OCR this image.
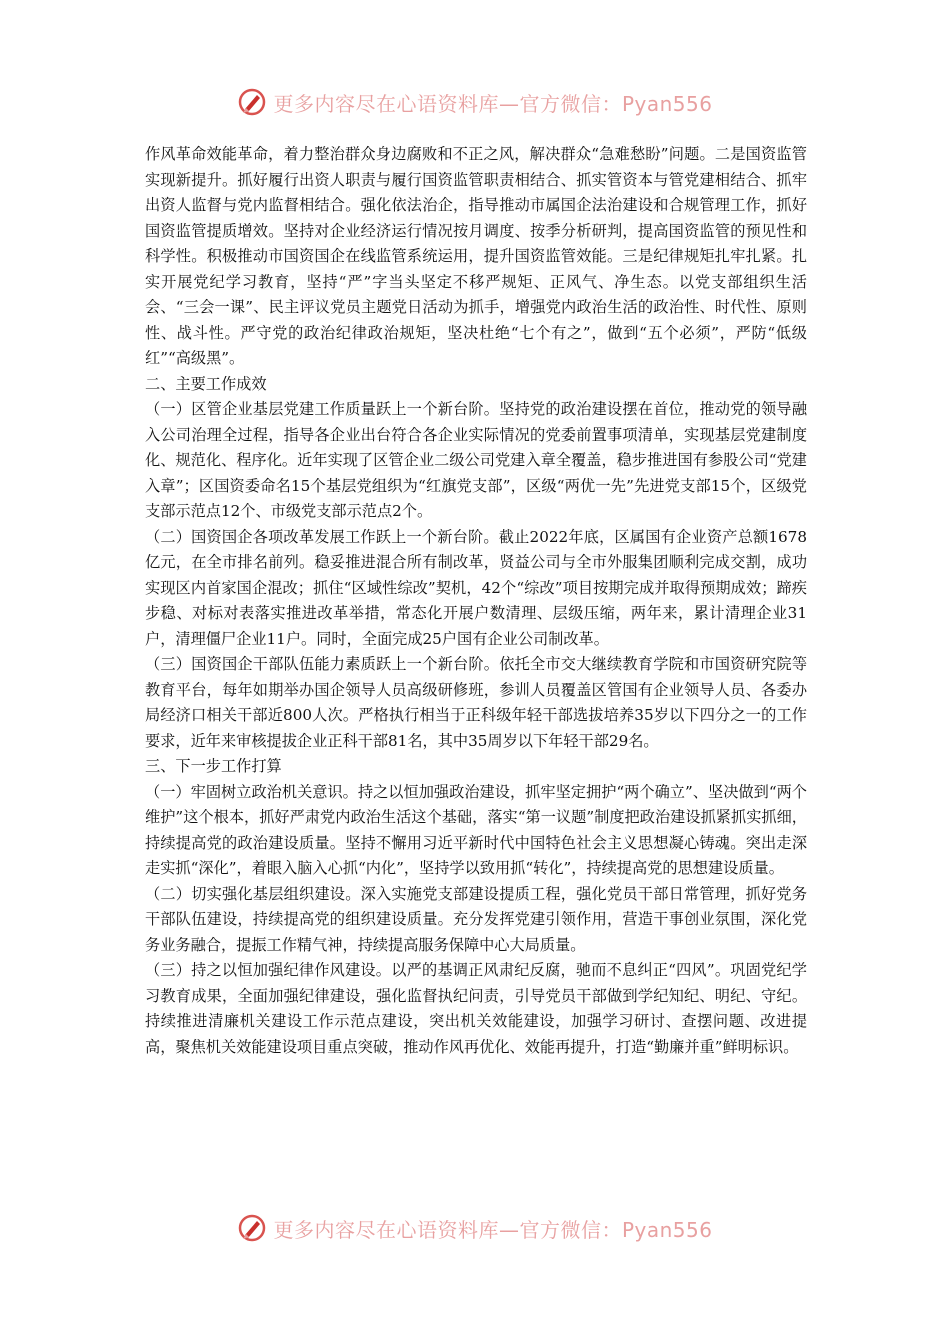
更多内容尽在心语资料库—官方微信：Pyan556

作风革命效能革命，着力整治群众身边腐败和不正之风，解决群众“急难愁盼”问题。二是国资监管实现新提升。抓好履行出资人职责与履行国资监管职责相结合、抓实管资本与管党建相结合、抓牢出资人监督与党内监督相结合。强化依法治企，指导推动市属国企法治建设和合规管理工作，抓好国资监管提质增效。坚持对企业经济运行情况按月调度、按季分析研判，提高国资监管的预见性和科学性。积极推动市国资国企在线监管系统运用，提升国资监管效能。三是纪律规矩扎牢扎紧。扎实开展党纪学习教育，坚持“严”字当头坚定不移严规矩、正风气、净生态。以党支部组织生活会、“三会一课”、民主评议党员主题党日活动为抓手，增强党内政治生活的政治性、时代性、原则性、战斗性。严守党的政治纪律政治规矩，坚决杜绝“七个有之”，做到“五个必须”，严防“低级红”“高级黑”。

二、主要工作成效

（一）区管企业基层党建工作质量跃上一个新台阶。坚持党的政治建设摆在首位，推动党的领导融入公司治理全过程，指导各企业出台符合各企业实际情况的党委前置事项清单，实现基层党建制度化、规范化、程序化。近年实现了区管企业二级公司党建入章全覆盖，稳步推进国有参股公司“党建入章”；区国资委命名15个基层党组织为“红旗党支部”，区级“两优一先”先进党支部15个，区级党支部示范点12个、市级党支部示范点2个。

（二）国资国企各项改革发展工作跃上一个新台阶。截止2022年底，区属国有企业资产总额1678亿元，在全市排名前列。稳妥推进混合所有制改革，贤益公司与全市外服集团顺利完成交割，成功实现区内首家国企混改；抓住“区域性综改”契机，42个“综改”项目按期完成并取得预期成效；蹄疾步稳、对标对表落实推进改革举措，常态化开展户数清理、层级压缩，两年来，累计清理企业31户，清理僵尸企业11户。同时，全面完成25户国有企业公司制改革。

（三）国资国企干部队伍能力素质跃上一个新台阶。依托全市交大继续教育学院和市国资研究院等教育平台，每年如期举办国企领导人员高级研修班，参训人员覆盖区管国有企业领导人员、各委办局经济口相关干部近800人次。严格执行相当于正科级年轻干部选拔培养35岁以下四分之一的工作要求，近年来审核提拔企业正科干部81名，其中35周岁以下年轻干部29名。

三、下一步工作打算

（一）牢固树立政治机关意识。持之以恒加强政治建设，抓牢坚定拥护“两个确立”、坚决做到“两个维护”这个根本，抓好严肃党内政治生活这个基础，落实“第一议题”制度把政治建设抓紧抓实抓细，持续提高党的政治建设质量。坚持不懈用习近平新时代中国特色社会主义思想凝心铸魂。突出走深走实抓“深化”，着眼入脑入心抓“内化”，坚持学以致用抓“转化”，持续提高党的思想建设质量。

（二）切实强化基层组织建设。深入实施党支部建设提质工程，强化党员干部日常管理，抓好党务干部队伍建设，持续提高党的组织建设质量。充分发挥党建引领作用，营造干事创业氛围，深化党务业务融合，提振工作精气神，持续提高服务保障中心大局质量。

（三）持之以恒加强纪律作风建设。以严的基调正风肃纪反腐，驰而不息纠正“四风”。巩固党纪学习教育成果，全面加强纪律建设，强化监督执纪问责，引导党员干部做到学纪知纪、明纪、守纪。持续推进清廉机关建设工作示范点建设，突出机关效能建设，加强学习研讨、查摆问题、改进提高，聚焦机关效能建设项目重点突破，推动作风再优化、效能再提升，打造“勤廉并重”鲜明标识。

更多内容尽在心语资料库—官方微信：Pyan556
